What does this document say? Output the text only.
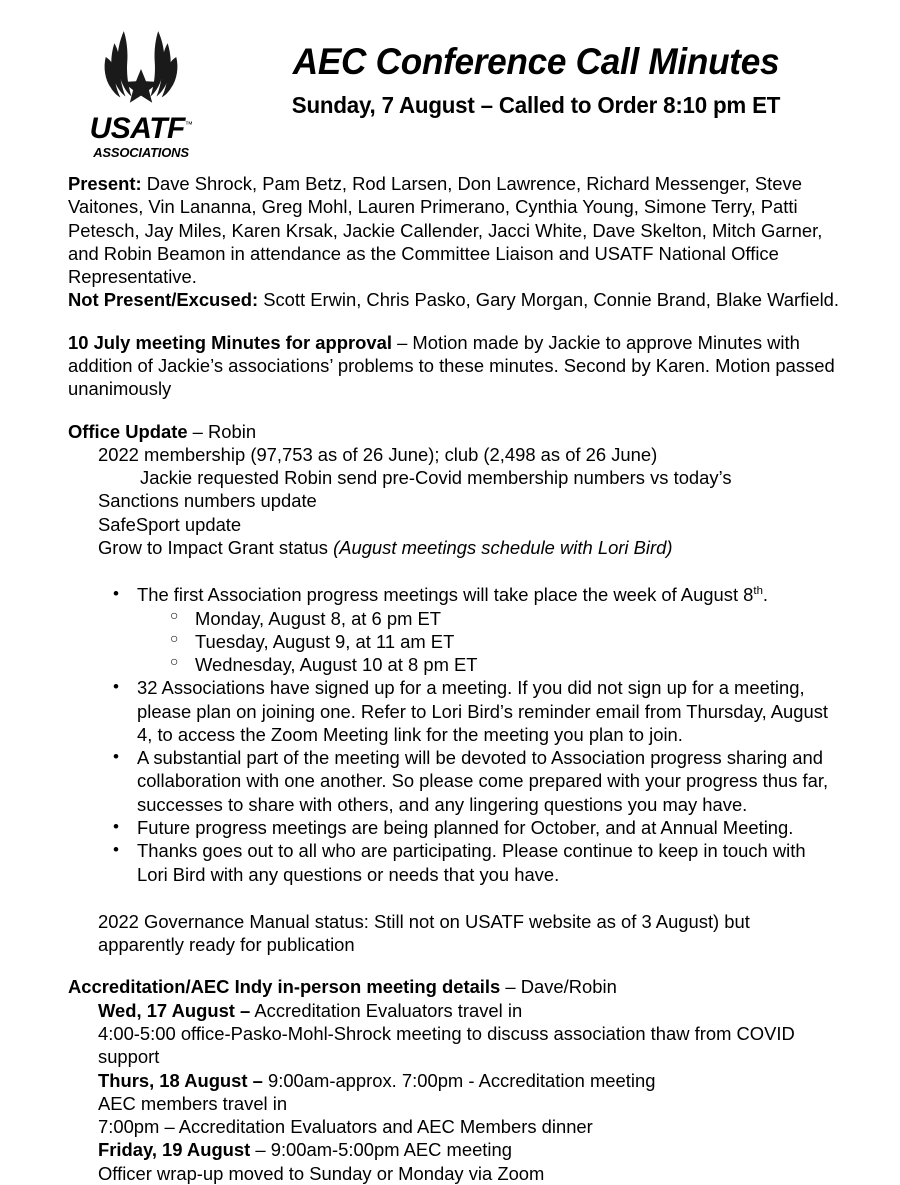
USATF™
ASSOCIATIONS
AEC Conference Call Minutes

Sunday, 7 August – Called to Order 8:10 pm ET

Present: Dave Shrock, Pam Betz, Rod Larsen, Don Lawrence, Richard Messenger, Steve Vaitones, Vin Lananna, Greg Mohl, Lauren Primerano, Cynthia Young, Simone Terry, Patti Petesch, Jay Miles, Karen Krsak, Jackie Callender, Jacci White, Dave Skelton, Mitch Garner, and Robin Beamon in attendance as the Committee Liaison and USATF National Office Representative.

Not Present/Excused: Scott Erwin, Chris Pasko, Gary Morgan, Connie Brand, Blake Warfield.

10 July meeting Minutes for approval – Motion made by Jackie to approve Minutes with addition of Jackie’s associations’ problems to these minutes. Second by Karen. Motion passed unanimously

Office Update – Robin

2022 membership (97,753 as of 26 June); club (2,498 as of 26 June)

Jackie requested Robin send pre-Covid membership numbers vs today’s

Sanctions numbers update

SafeSport update

Grow to Impact Grant status (August meetings schedule with Lori Bird)

• The first Association progress meetings will take place the week of August 8th.
○ Monday, August 8, at 6 pm ET
○ Tuesday, August 9, at 11 am ET
○ Wednesday, August 10 at 8 pm ET
• 32 Associations have signed up for a meeting. If you did not sign up for a meeting, please plan on joining one. Refer to Lori Bird’s reminder email from Thursday, August 4, to access the Zoom Meeting link for the meeting you plan to join.
• A substantial part of the meeting will be devoted to Association progress sharing and collaboration with one another. So please come prepared with your progress thus far, successes to share with others, and any lingering questions you may have.
• Future progress meetings are being planned for October, and at Annual Meeting.
• Thanks goes out to all who are participating. Please continue to keep in touch with Lori Bird with any questions or needs that you have.

2022 Governance Manual status: Still not on USATF website as of 3 August) but apparently ready for publication

Accreditation/AEC Indy in-person meeting details – Dave/Robin

Wed, 17 August – Accreditation Evaluators travel in

4:00-5:00 office-Pasko-Mohl-Shrock meeting to discuss association thaw from COVID support

Thurs, 18 August – 9:00am-approx. 7:00pm - Accreditation meeting

AEC members travel in

7:00pm – Accreditation Evaluators and AEC Members dinner

Friday, 19 August – 9:00am-5:00pm AEC meeting

Officer wrap-up moved to Sunday or Monday via Zoom
